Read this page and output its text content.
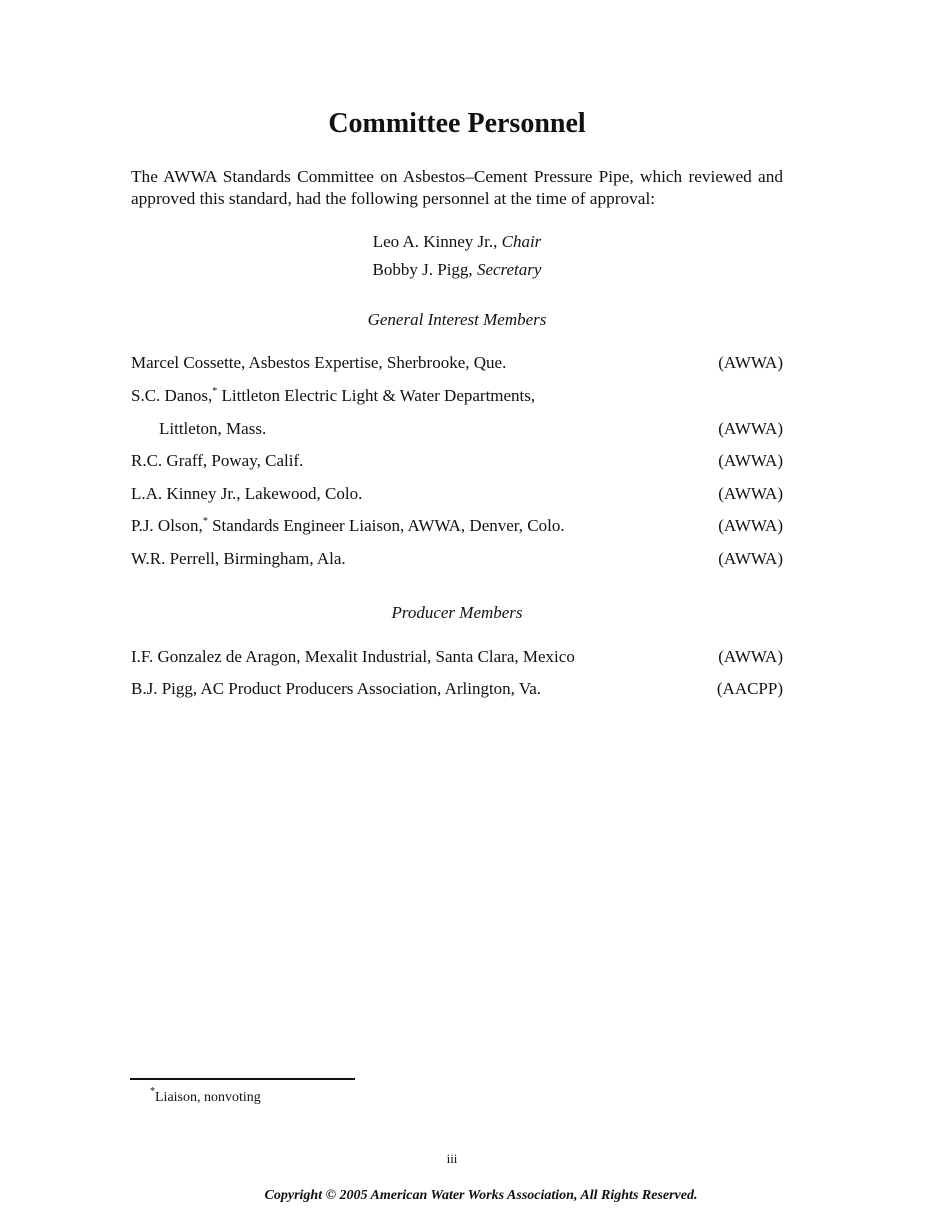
Committee Personnel
The AWWA Standards Committee on Asbestos–Cement Pressure Pipe, which reviewed and approved this standard, had the following personnel at the time of approval:
Leo A. Kinney Jr., Chair
Bobby J. Pigg, Secretary
General Interest Members
Marcel Cossette, Asbestos Expertise, Sherbrooke, Que.	(AWWA)
S.C. Danos,* Littleton Electric Light & Water Departments,
Littleton, Mass.	(AWWA)
R.C. Graff, Poway, Calif.	(AWWA)
L.A. Kinney Jr., Lakewood, Colo.	(AWWA)
P.J. Olson,* Standards Engineer Liaison, AWWA, Denver, Colo.	(AWWA)
W.R. Perrell, Birmingham, Ala.	(AWWA)
Producer Members
I.F. Gonzalez de Aragon, Mexalit Industrial, Santa Clara, Mexico	(AWWA)
B.J. Pigg, AC Product Producers Association, Arlington, Va.	(AACPP)
*Liaison, nonvoting
iii
Copyright © 2005 American Water Works Association, All Rights Reserved.
